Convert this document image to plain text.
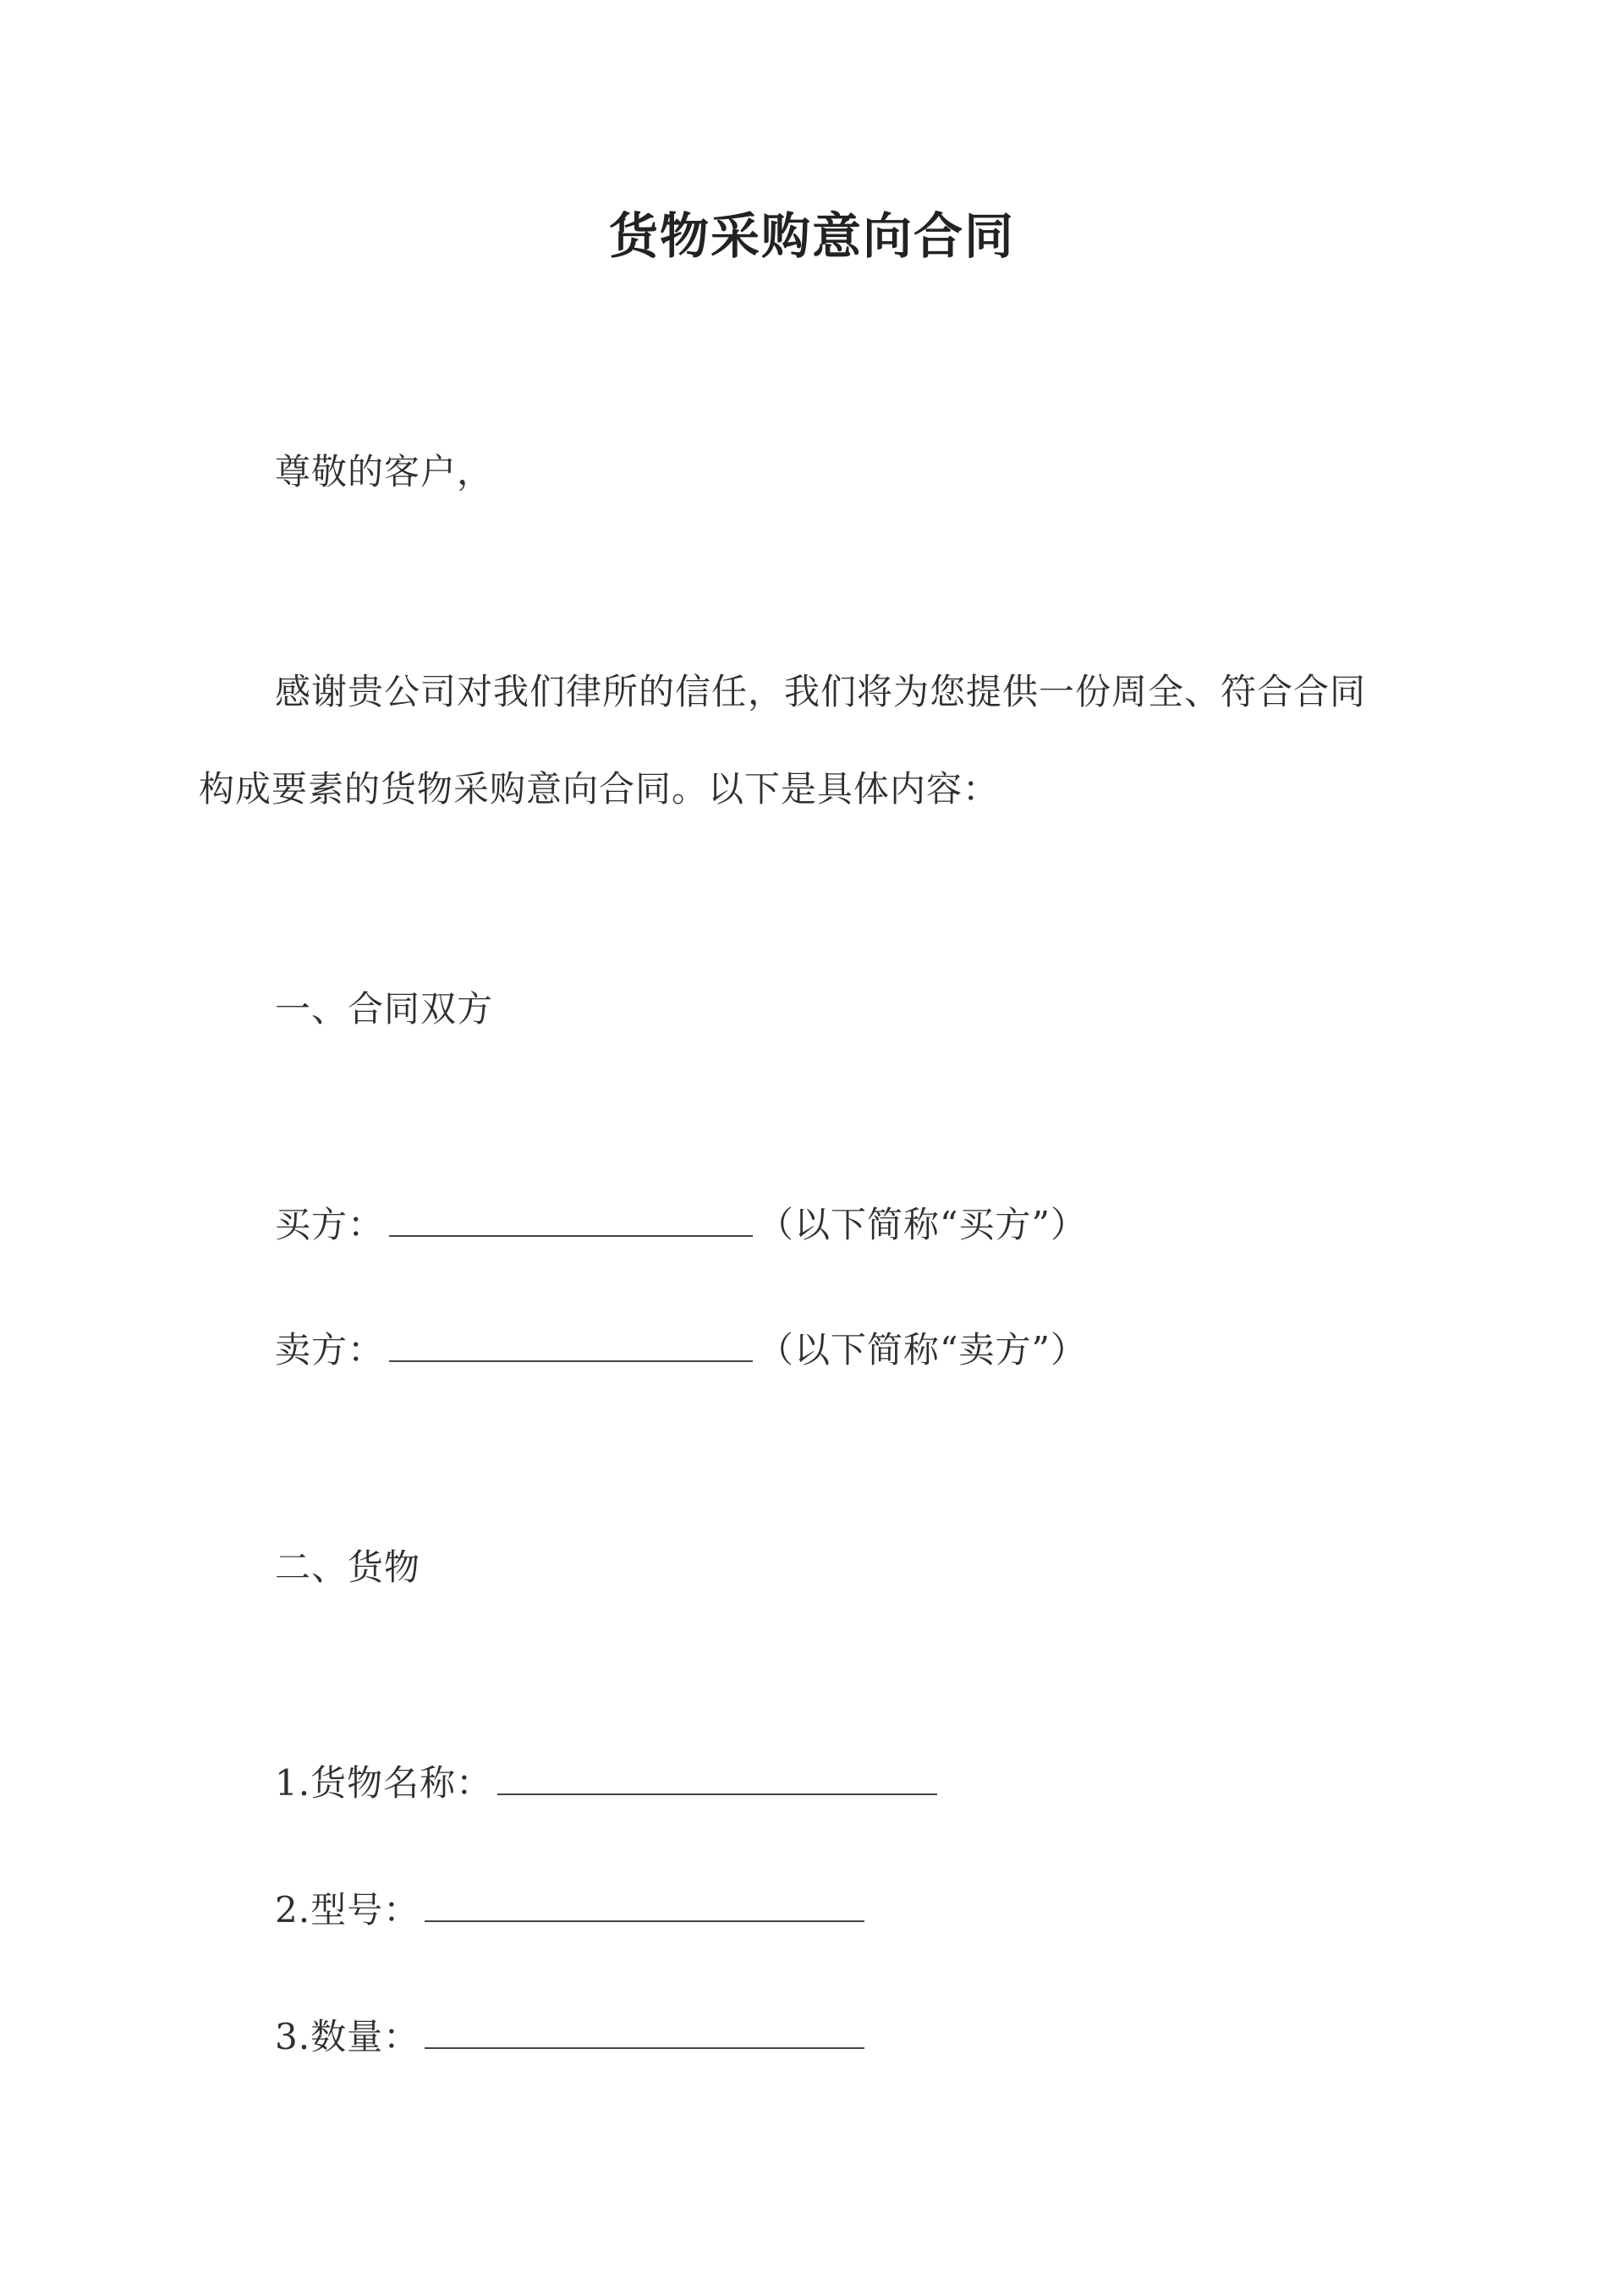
货物采购意向合同
尊敬的客户，
感谢贵公司对我们律所的信任，我们将为您提供一份周全、符合合同
构成要素的货物采购意向合同。以下是具体内容：
一、合同双方
买方：	（以下简称“买方”）
卖方：	（以下简称“卖方”）
二、货物
1.货物名称：
2.型号：
3.数量：
